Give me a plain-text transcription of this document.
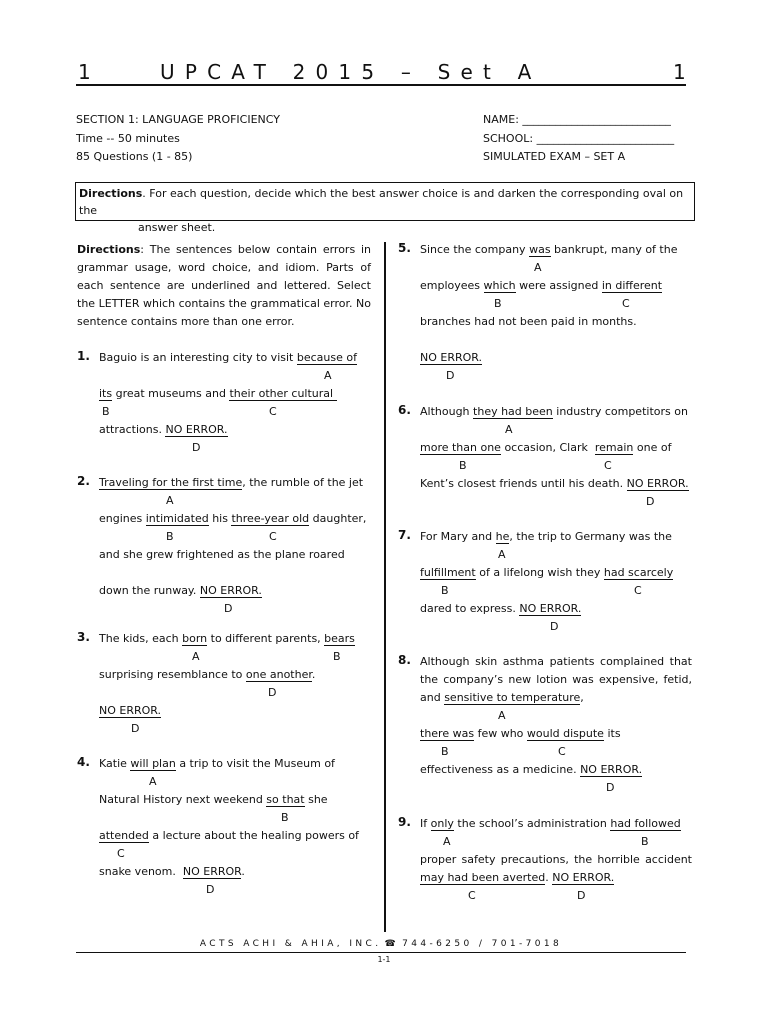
1	UPCAT 2015 – Set A	1
SECTION 1: LANGUAGE PROFICIENCY
Time -- 50 minutes
85 Questions (1 - 85)
NAME: ___________________________
SCHOOL: _________________________
SIMULATED EXAM – SET A
Directions. For each question, decide which the best answer choice is and darken the corresponding oval on the
answer sheet.

Directions: The sentences below contain errors in grammar usage, word choice, and idiom. Parts of each sentence are underlined and lettered. Select the LETTER which contains the grammatical error. No sentence contains more than one error.

1. Baguio is an interesting city to visit because of
A
its great museums and their other cultural
B	C
attractions. NO ERROR.
D
2. Traveling for the first time, the rumble of the jet
A
engines intimidated his three-year old daughter,
B	C
and she grew frightened as the plane roared
down the runway. NO ERROR.
D
3. The kids, each born to different parents, bears
A	B
surprising resemblance to one another.
D
NO ERROR.
D
4. Katie will plan a trip to visit the Museum of
A
Natural History next weekend so that she
B
attended a lecture about the healing powers of
C
snake venom.  NO ERROR.
D
5. Since the company was bankrupt, many of the
A
employees which were assigned in different
B	C
branches had not been paid in months.
NO ERROR.
D
6. Although they had been industry competitors on
A
more than one occasion, Clark  remain one of
B	C
Kent’s closest friends until his death. NO ERROR.
D
7. For Mary and he, the trip to Germany was the
A
fulfillment of a lifelong wish they had scarcely
B	C
dared to express. NO ERROR.
D
8. Although skin asthma patients complained that
the company’s new lotion was expensive, fetid,
and sensitive to temperature,
A
there was few who would dispute its
B	C
effectiveness as a medicine. NO ERROR.
D
9. If only the school’s administration had followed
A	B
proper safety precautions, the horrible accident
may had been averted. NO ERROR.
C	D
ACTS ACHI & AHIA, INC. ☎ 744-6250 / 701-7018
1-1
